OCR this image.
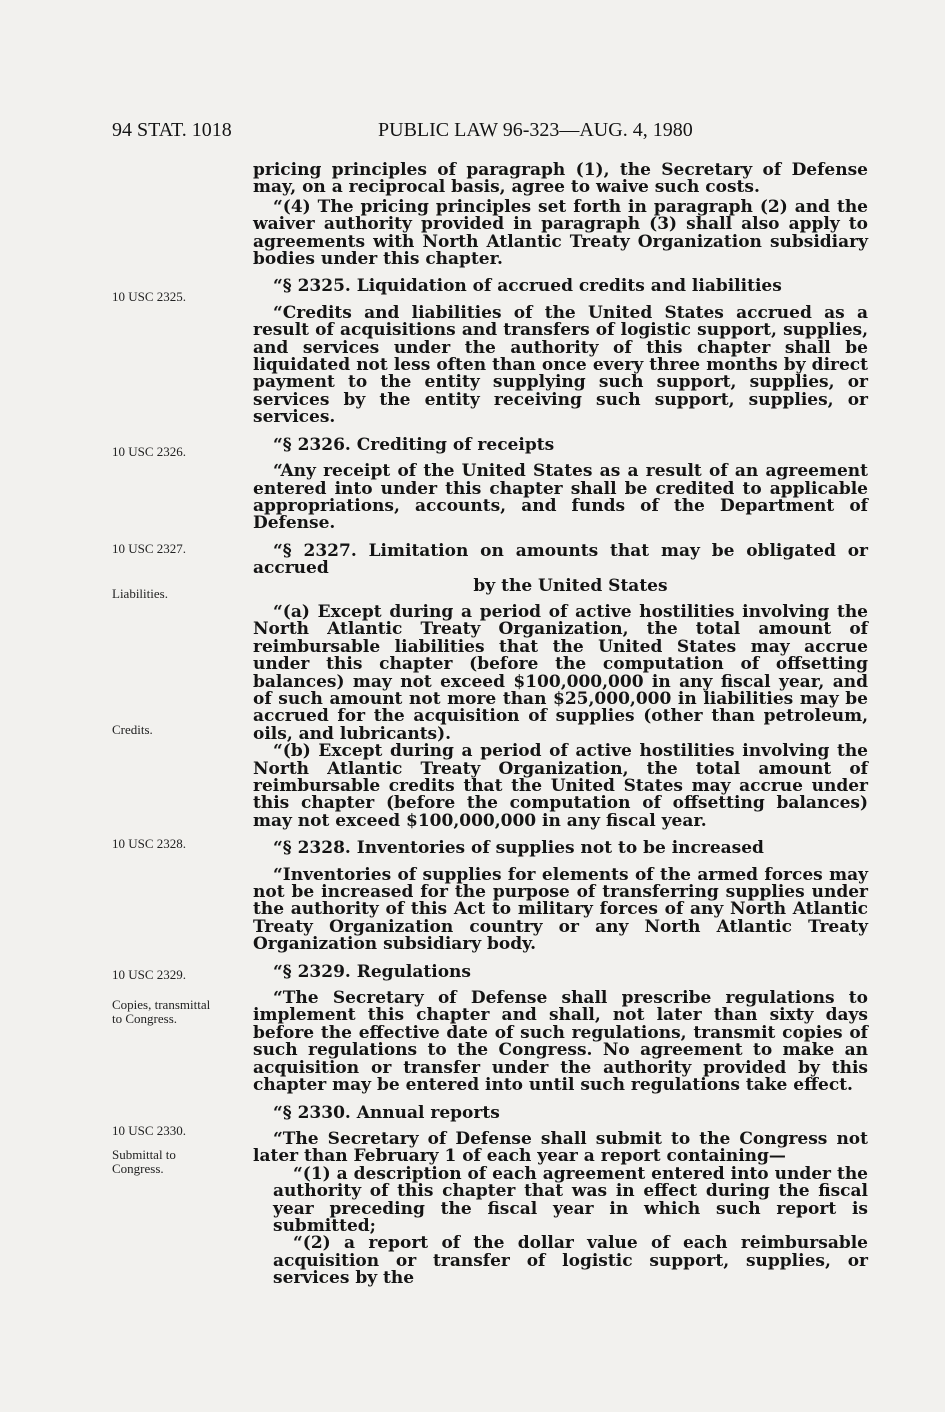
94 STAT. 1018	PUBLIC LAW 96-323—AUG. 4, 1980
10 USC 2325.
10 USC 2326.
10 USC 2327.
Liabilities.
Credits.
10 USC 2328.
10 USC 2329.
Copies, transmittal to Congress.
10 USC 2330.
Submittal to Congress.

pricing principles of paragraph (1), the Secretary of Defense may, on a reciprocal basis, agree to waive such costs.

“(4) The pricing principles set forth in paragraph (2) and the waiver authority provided in paragraph (3) shall also apply to agreements with North Atlantic Treaty Organization subsidiary bodies under this chapter.

“§ 2325. Liquidation of accrued credits and liabilities

“Credits and liabilities of the United States accrued as a result of acquisitions and transfers of logistic support, supplies, and services under the authority of this chapter shall be liquidated not less often than once every three months by direct payment to the entity supplying such support, supplies, or services by the entity receiving such support, supplies, or services.

“§ 2326. Crediting of receipts

“Any receipt of the United States as a result of an agreement entered into under this chapter shall be credited to applicable appropriations, accounts, and funds of the Department of Defense.

“§ 2327. Limitation on amounts that may be obligated or accrued
by the United States

“(a) Except during a period of active hostilities involving the North Atlantic Treaty Organization, the total amount of reimbursable liabilities that the United States may accrue under this chapter (before the computation of offsetting balances) may not exceed $100,000,000 in any fiscal year, and of such amount not more than $25,000,000 in liabilities may be accrued for the acquisition of supplies (other than petroleum, oils, and lubricants).

“(b) Except during a period of active hostilities involving the North Atlantic Treaty Organization, the total amount of reimbursable credits that the United States may accrue under this chapter (before the computation of offsetting balances) may not exceed $100,000,000 in any fiscal year.

“§ 2328. Inventories of supplies not to be increased

“Inventories of supplies for elements of the armed forces may not be increased for the purpose of transferring supplies under the authority of this Act to military forces of any North Atlantic Treaty Organization country or any North Atlantic Treaty Organization subsidiary body.

“§ 2329. Regulations

“The Secretary of Defense shall prescribe regulations to implement this chapter and shall, not later than sixty days before the effective date of such regulations, transmit copies of such regulations to the Congress. No agreement to make an acquisition or transfer under the authority provided by this chapter may be entered into until such regulations take effect.

“§ 2330. Annual reports

“The Secretary of Defense shall submit to the Congress not later than February 1 of each year a report containing—

“(1) a description of each agreement entered into under the authority of this chapter that was in effect during the fiscal year preceding the fiscal year in which such report is submitted;

“(2) a report of the dollar value of each reimbursable acquisition or transfer of logistic support, supplies, or services by the
